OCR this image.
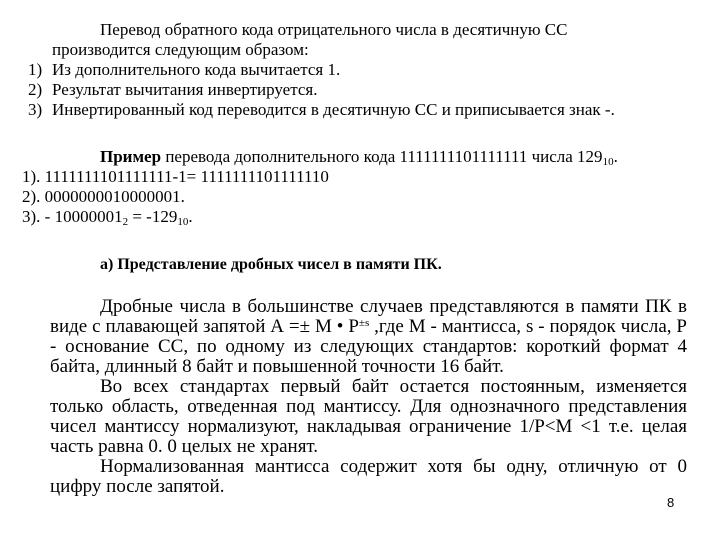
Перевод обратного кода отрицательного числа в десятичную СС
производится следующим образом:
1) Из дополнительного кода вычитается 1.
2) Результат вычитания инвертируется.
3) Инвертированный код переводится в десятичную СС и приписывается знак -.
Пример перевода дополнительного кода 1111111101111111 числа $129_{10}$.
1). 1111111101111111-1= 1111111101111110
2). 0000000010000001.
3). - $10000001_2 = -129_{10}$.
а) Представление дробных чисел в памяти ПК.

Дробные числа в большинстве случаев представляются в памяти ПК в виде с плавающей запятой А =± М • $P^{\pm s}$ ,где М - мантисса, s - порядок числа, Р - основание СС, по одному из следующих стандартов: короткий формат 4 байта, длинный 8 байт и повышенной точности 16 байт.

Во всех стандартах первый байт остается постоянным, изменяется только область, отведенная под мантиссу. Для однозначного представления чисел мантиссу нормализуют, накладывая ограничение 1/P<M <1 т.е. целая часть равна 0. 0 целых не хранят.

Нормализованная мантисса содержит хотя бы одну, отличную от 0 цифру после запятой.

8
